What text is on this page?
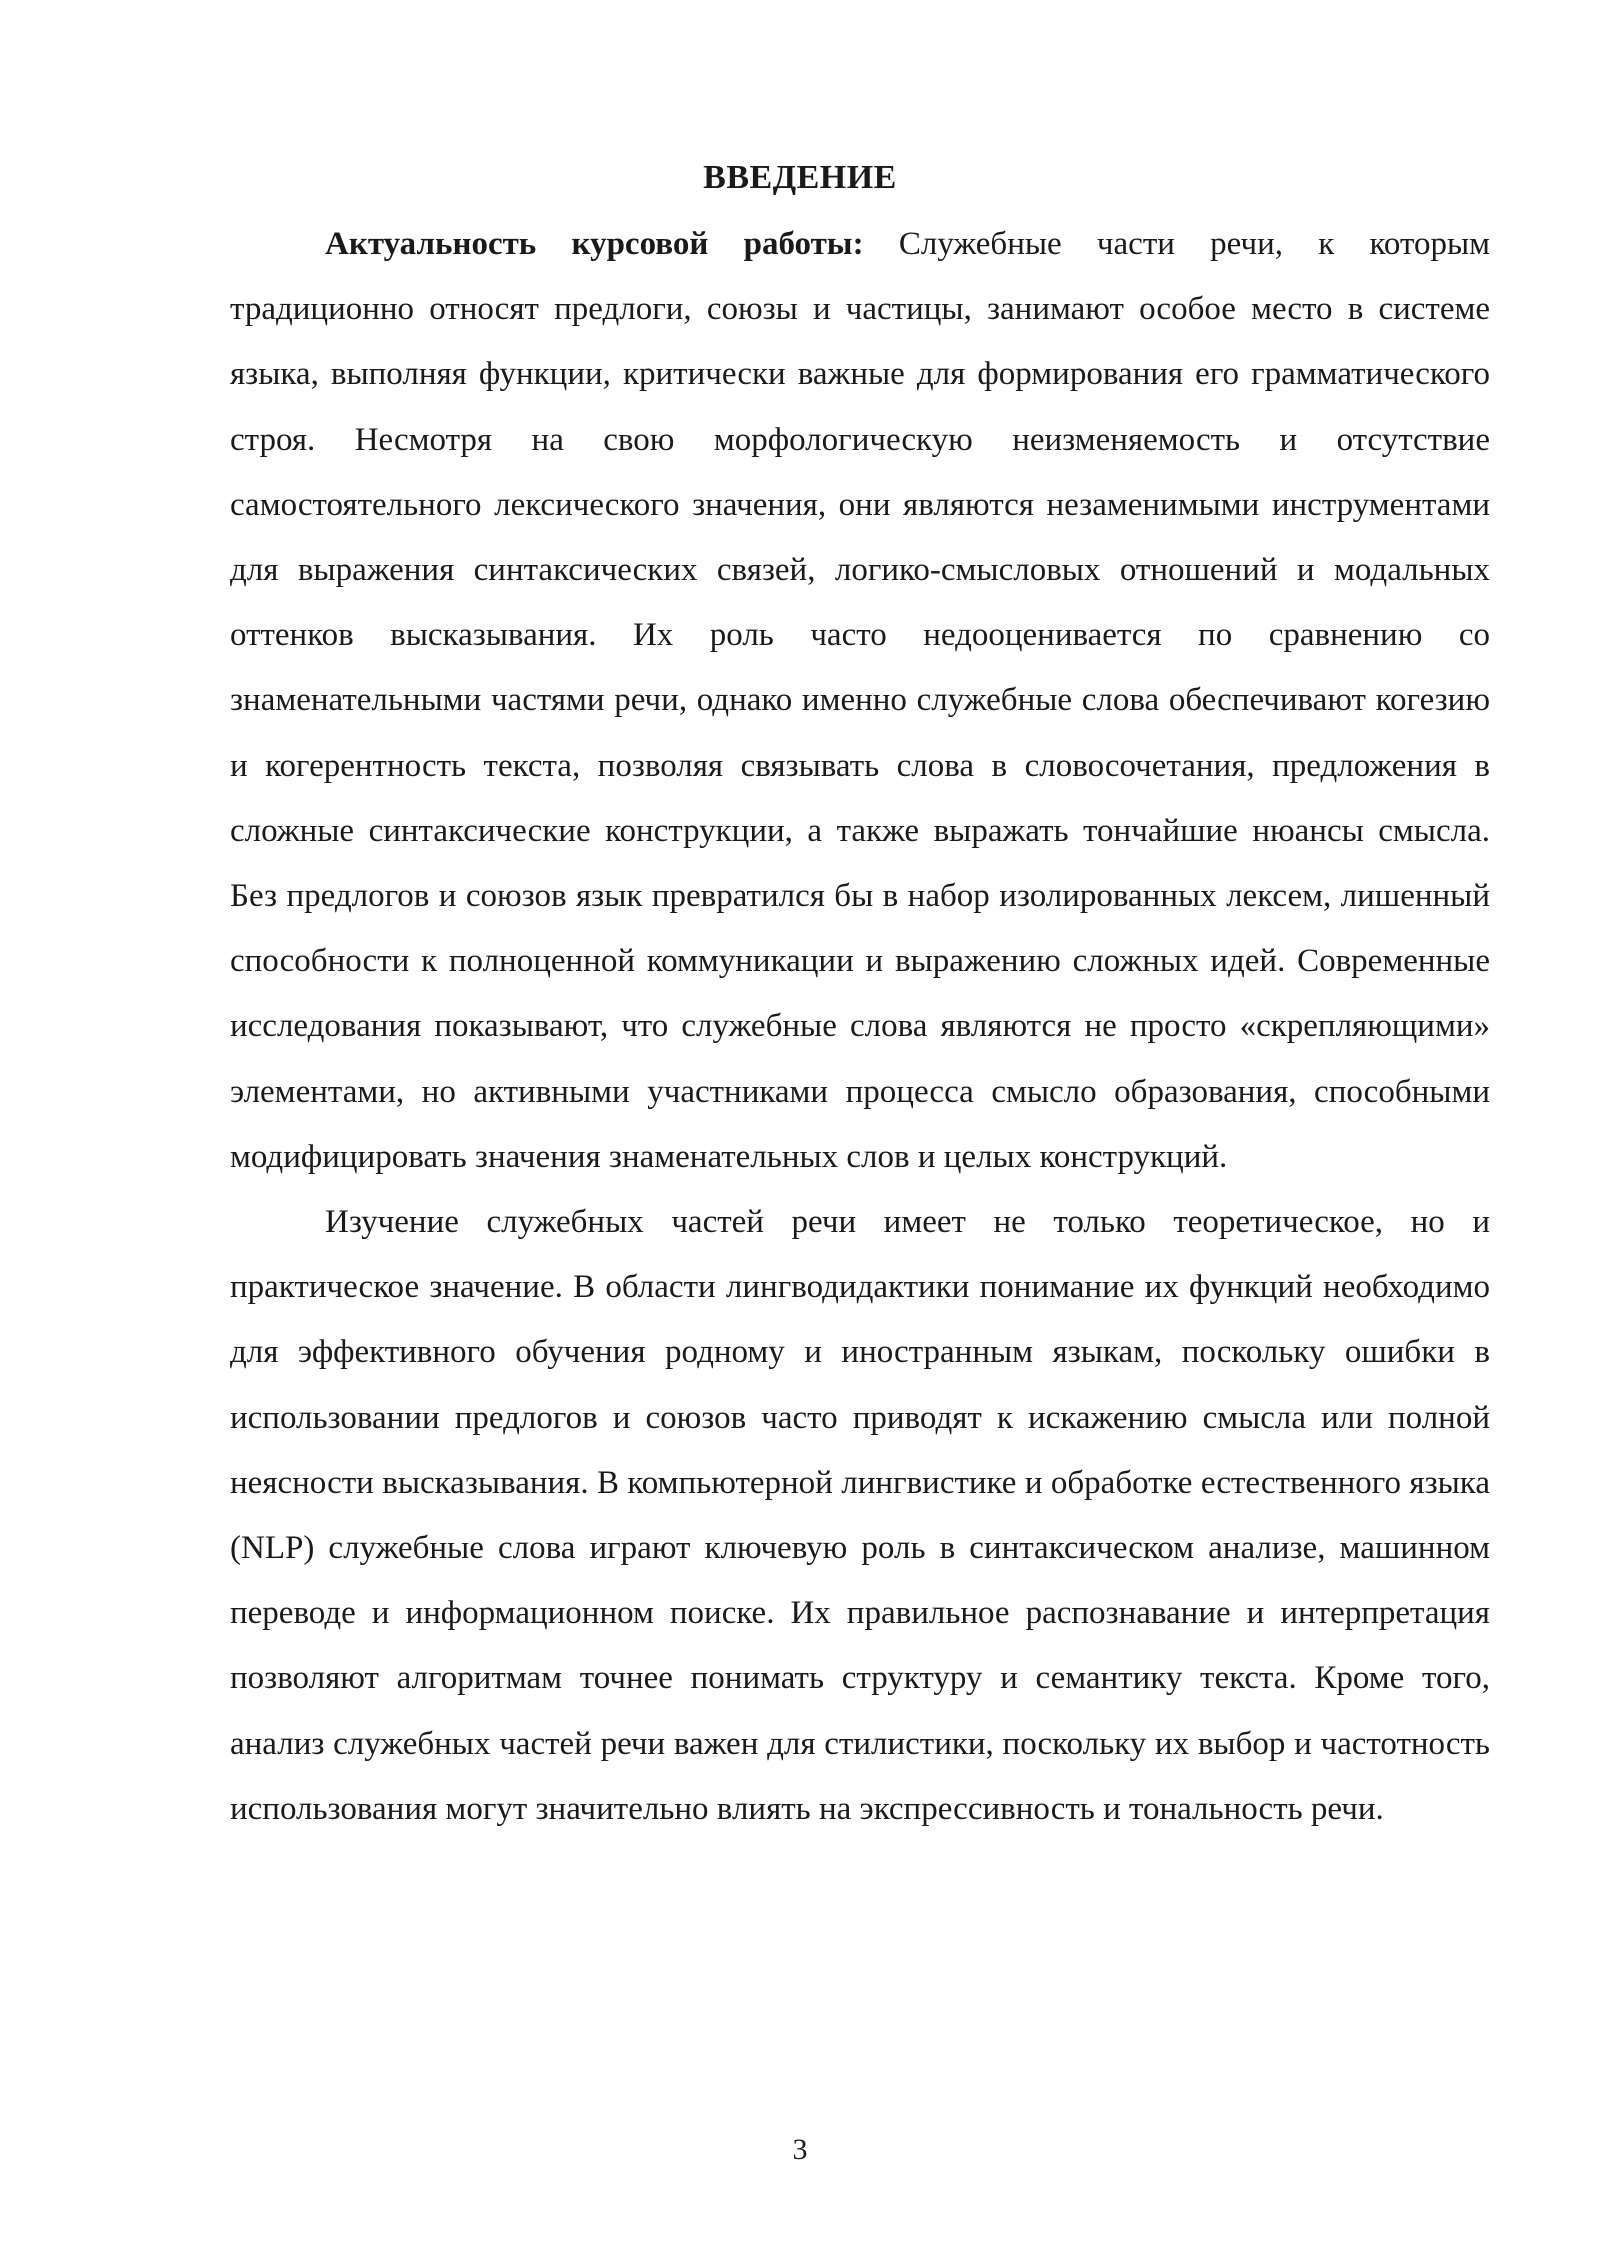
ВВЕДЕНИЕ

Актуальность курсовой работы: Служебные части речи, к которым традиционно относят предлоги, союзы и частицы, занимают особое место в системе языка, выполняя функции, критически важные для формирования его грамматического строя. Несмотря на свою морфологическую неизменяемость и отсутствие самостоятельного лексического значения, они являются незаменимыми инструментами для выражения синтаксических связей, логико-смысловых отношений и модальных оттенков высказывания. Их роль часто недооценивается по сравнению со знаменательными частями речи, однако именно служебные слова обеспечивают когезию и когерентность текста, позволяя связывать слова в словосочетания, предложения в сложные синтаксические конструкции, а также выражать тончайшие нюансы смысла. Без предлогов и союзов язык превратился бы в набор изолированных лексем, лишенный способности к полноценной коммуникации и выражению сложных идей. Современные исследования показывают, что служебные слова являются не просто «скрепляющими» элементами, но активными участниками процесса смысло образования, способными модифицировать значения знаменательных слов и целых конструкций.

Изучение служебных частей речи имеет не только теоретическое, но и практическое значение. В области лингводидактики понимание их функций необходимо для эффективного обучения родному и иностранным языкам, поскольку ошибки в использовании предлогов и союзов часто приводят к искажению смысла или полной неясности высказывания. В компьютерной лингвистике и обработке естественного языка (NLP) служебные слова играют ключевую роль в синтаксическом анализе, машинном переводе и информационном поиске. Их правильное распознавание и интерпретация позволяют алгоритмам точнее понимать структуру и семантику текста. Кроме того, анализ служебных частей речи важен для стилистики, поскольку их выбор и частотность использования могут значительно влиять на экспрессивность и тональность речи.

3
